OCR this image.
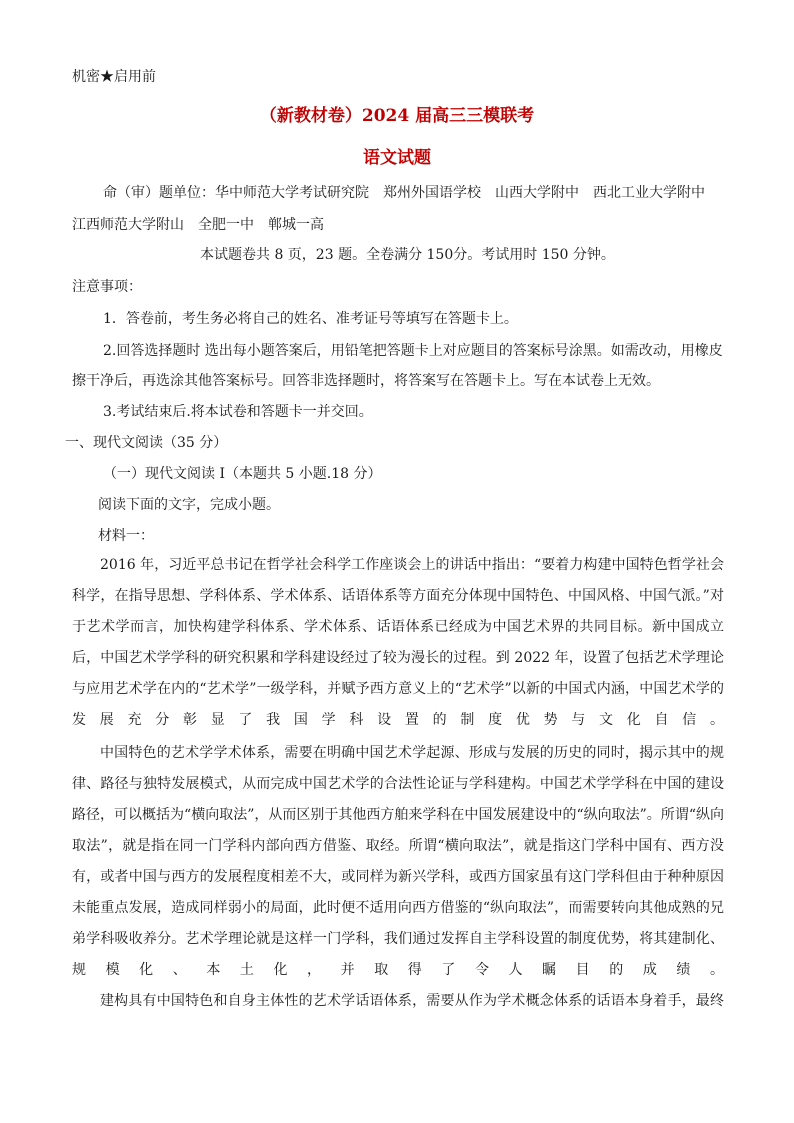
机密★启用前
（新教材卷）2024 届高三三模联考
语文试题
命（审）题单位：华中师范大学考试研究院　郑州外国语学校　山西大学附中　西北工业大学附中
江西师范大学附山　全肥一中　郸城一高
本试题卷共 8 页，23 题。全卷满分 150分。考试用时 150 分钟。
注意事项：
1．答卷前，考生务必将自己的姓名、准考证号等填写在答题卡上。
2.回答选择题时 选出每小题答案后，用铅笔把答题卡上对应题目的答案标号涂黑。如需改动，用橡皮
擦干净后，再选涂其他答案标号。回答非选择题时，将答案写在答题卡上。写在本试卷上无效。
3.考试结束后.将本试卷和答题卡一并交回。
一、现代文阅读（35 分）
（一）现代文阅读 I（本题共 5 小题.18 分）
阅读下面的文字，完成小题。
材料一：

2016 年，习近平总书记在哲学社会科学工作座谈会上的讲话中指出：“要着力构建中国特色哲学社会科学，在指导思想、学科体系、学术体系、话语体系等方面充分体现中国特色、中国风格、中国气派。”对于艺术学而言，加快构建学科体系、学术体系、话语体系已经成为中国艺术界的共同目标。新中国成立后，中国艺术学学科的研究积累和学科建设经过了较为漫长的过程。到 2022 年，设置了包括艺术学理论与应用艺术学在内的“艺术学”一级学科，并赋予西方意义上的“艺术学”以新的中国式内涵，中国艺术学的发展充分彰显了我国学科设置的制度优势与文化自信。

中国特色的艺术学学术体系，需要在明确中国艺术学起源、形成与发展的历史的同时，揭示其中的规律、路径与独特发展模式，从而完成中国艺术学的合法性论证与学科建构。中国艺术学学科在中国的建设路径，可以概括为“横向取法”，从而区别于其他西方舶来学科在中国发展建设中的“纵向取法”。所谓“纵向取法”，就是指在同一门学科内部向西方借鉴、取经。所谓“横向取法”，就是指这门学科中国有、西方没有，或者中国与西方的发展程度相差不大，或同样为新兴学科，或西方国家虽有这门学科但由于种种原因未能重点发展，造成同样弱小的局面，此时便不适用向西方借鉴的“纵向取法”，而需要转向其他成熟的兄弟学科吸收养分。艺术学理论就是这样一门学科，我们通过发挥自主学科设置的制度优势，将其建制化、规模化、本土化，并取得了令人瞩目的成绩。

建构具有中国特色和自身主体性的艺术学话语体系，需要从作为学术概念体系的话语本身着手，最终
